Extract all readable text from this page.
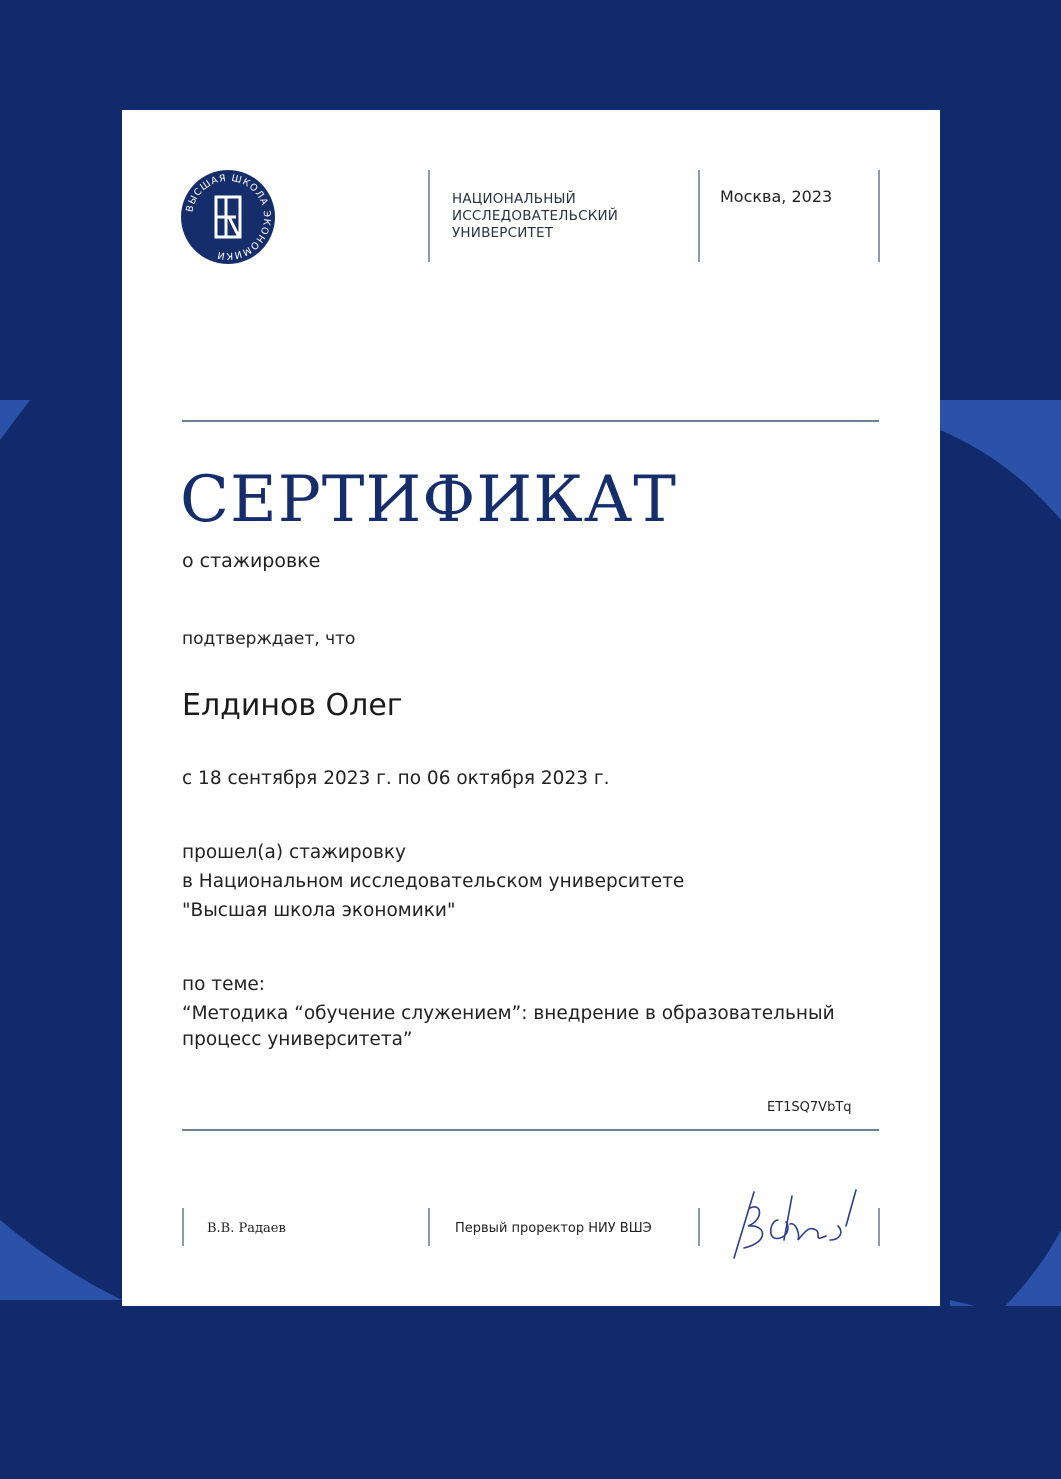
ВЫСШАЯ ШКОЛА ЭКОНОМИКИ
НАЦИОНАЛЬНЫЙ
ИССЛЕДОВАТЕЛЬСКИЙ
УНИВЕРСИТЕТ
Москва, 2023
СЕРТИФИКАТ
о стажировке
подтверждает, что
Елдинов Олег
с 18 сентября 2023 г. по 06 октября 2023 г.
прошел(а) стажировку
в Национальном исследовательском университете
"Высшая школа экономики"
по теме:
“Методика “обучение служением”: внедрение в образовательный
процесс университета”
ET1SQ7VbTq
В.В. Радаев	Первый проректор НИУ ВШЭ
